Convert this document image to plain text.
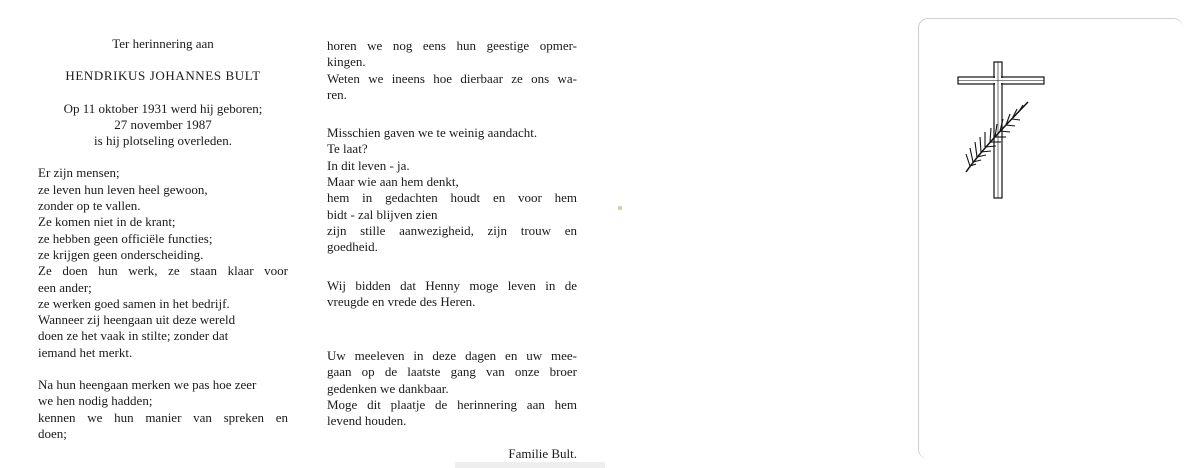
Ter herinnering aan
HENDRIKUS JOHANNES BULT
Op 11 oktober 1931 werd hij geboren;
27 november 1987
is hij plotseling overleden.
Er zijn mensen;
ze leven hun leven heel gewoon,
zonder op te vallen.
Ze komen niet in de krant;
ze hebben geen officiële functies;
ze krijgen geen onderscheiding.
Ze doen hun werk, ze staan klaar voor
een ander;
ze werken goed samen in het bedrijf.
Wanneer zij heengaan uit deze wereld
doen ze het vaak in stilte; zonder dat
iemand het merkt.
Na hun heengaan merken we pas hoe zeer
we hen nodig hadden;
kennen we hun manier van spreken en
doen;
horen we nog eens hun geestige opmer-
kingen.
Weten we ineens hoe dierbaar ze ons wa-
ren.
Misschien gaven we te weinig aandacht.
Te laat?
In dit leven - ja.
Maar wie aan hem denkt,
hem in gedachten houdt en voor hem
bidt - zal blijven zien
zijn stille aanwezigheid, zijn trouw en
goedheid.
Wij bidden dat Henny moge leven in de
vreugde en vrede des Heren.
Uw meeleven in deze dagen en uw mee-
gaan op de laatste gang van onze broer
gedenken we dankbaar.
Moge dit plaatje de herinnering aan hem
levend houden.
Familie Bult.
